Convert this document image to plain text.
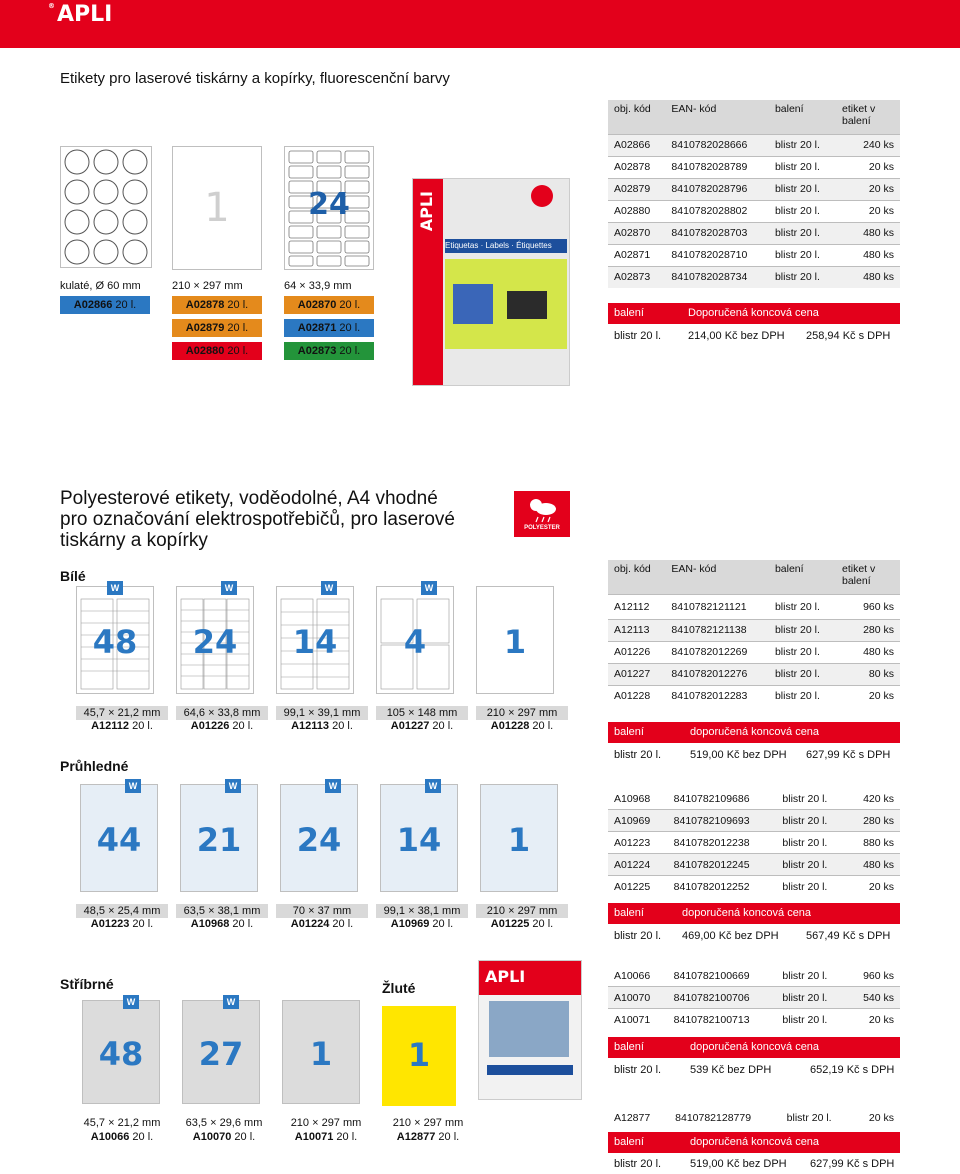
®APLI
Etikety pro laserové tiskárny a kopírky, fluorescenční barvy
kulaté, Ø 60 mm
A02866 20 l.
1
210 × 297 mm
A02878 20 l.
A02879 20 l.
A02880 20 l.
24
64 × 33,9 mm
A02870 20 l.
A02871 20 l.
A02873 20 l.
APLI
Etiquetas · Labels · Étiquettes
obj. kód	EAN- kód	balení	etiket v balení
A02866	8410782028666	blistr 20 l.	240 ks
A02878	8410782028789	blistr 20 l.	20 ks
A02879	8410782028796	blistr 20 l.	20 ks
A02880	8410782028802	blistr 20 l.	20 ks
A02870	8410782028703	blistr 20 l.	480 ks
A02871	8410782028710	blistr 20 l.	480 ks
A02873	8410782028734	blistr 20 l.	480 ks
balení	Doporučená koncová cena
blistr 20 l. 214,00 Kč bez DPH 258,94 Kč s DPH
Polyesterové etikety, voděodolné, A4 vhodné
pro označování elektrospotřebičů, pro laserové
tiskárny a kopírky
POLYESTER
Bílé
W
48
W
24
W
14
W
4	1
45,7 × 21,2 mm	64,6 × 33,8 mm	99,1 × 39,1 mm	105 × 148 mm	210 × 297 mm
A12112 20 l.	A01226 20 l.	A12113 20 l.	A01227 20 l.	A01228 20 l.
obj. kód	EAN- kód	balení	etiket v balení
A12112	8410782121121	blistr 20 l.	960 ks
A12113	8410782121138	blistr 20 l.	280 ks
A01226	8410782012269	blistr 20 l.	480 ks
A01227	8410782012276	blistr 20 l.	80 ks
A01228	8410782012283	blistr 20 l.	20 ks
balení	doporučená koncová cena
blistr 20 l.	519,00 Kč bez DPH 627,99 Kč s DPH
Průhledné
W
44
W
21
W
24
W
14	1
48,5 × 25,4 mm	63,5 × 38,1 mm	70 × 37 mm	99,1 × 38,1 mm	210 × 297 mm
A01223 20 l.	A10968 20 l.	A01224 20 l.	A10969 20 l.	A01225 20 l.
A10968	8410782109686	blistr 20 l.	420 ks
A10969	8410782109693	blistr 20 l.	280 ks
A01223	8410782012238	blistr 20 l.	880 ks
A01224	8410782012245	blistr 20 l.	480 ks
A01225	8410782012252	blistr 20 l.	20 ks
balení	doporučená koncová cena
blistr 20 l. 469,00 Kč bez DPH 567,49 Kč s DPH
Stříbrné	Žluté
W
48
W
27	1	1
APLI
45,7 × 21,2 mm	63,5 × 29,6 mm	210 × 297 mm	210 × 297 mm
A10066 20 l.	A10070 20 l.	A10071 20 l.	A12877 20 l.
A10066	8410782100669	blistr 20 l.	960 ks
A10070	8410782100706	blistr 20 l.	540 ks
A10071	8410782100713	blistr 20 l.	20 ks
balení	doporučená koncová cena
blistr 20 l.	539 Kč bez DPH	652,19 Kč s DPH
A12877	8410782128779	blistr 20 l.	20 ks
balení	doporučená koncová cena
blistr 20 l.	519,00 Kč bez DPH 627,99 Kč s DPH
